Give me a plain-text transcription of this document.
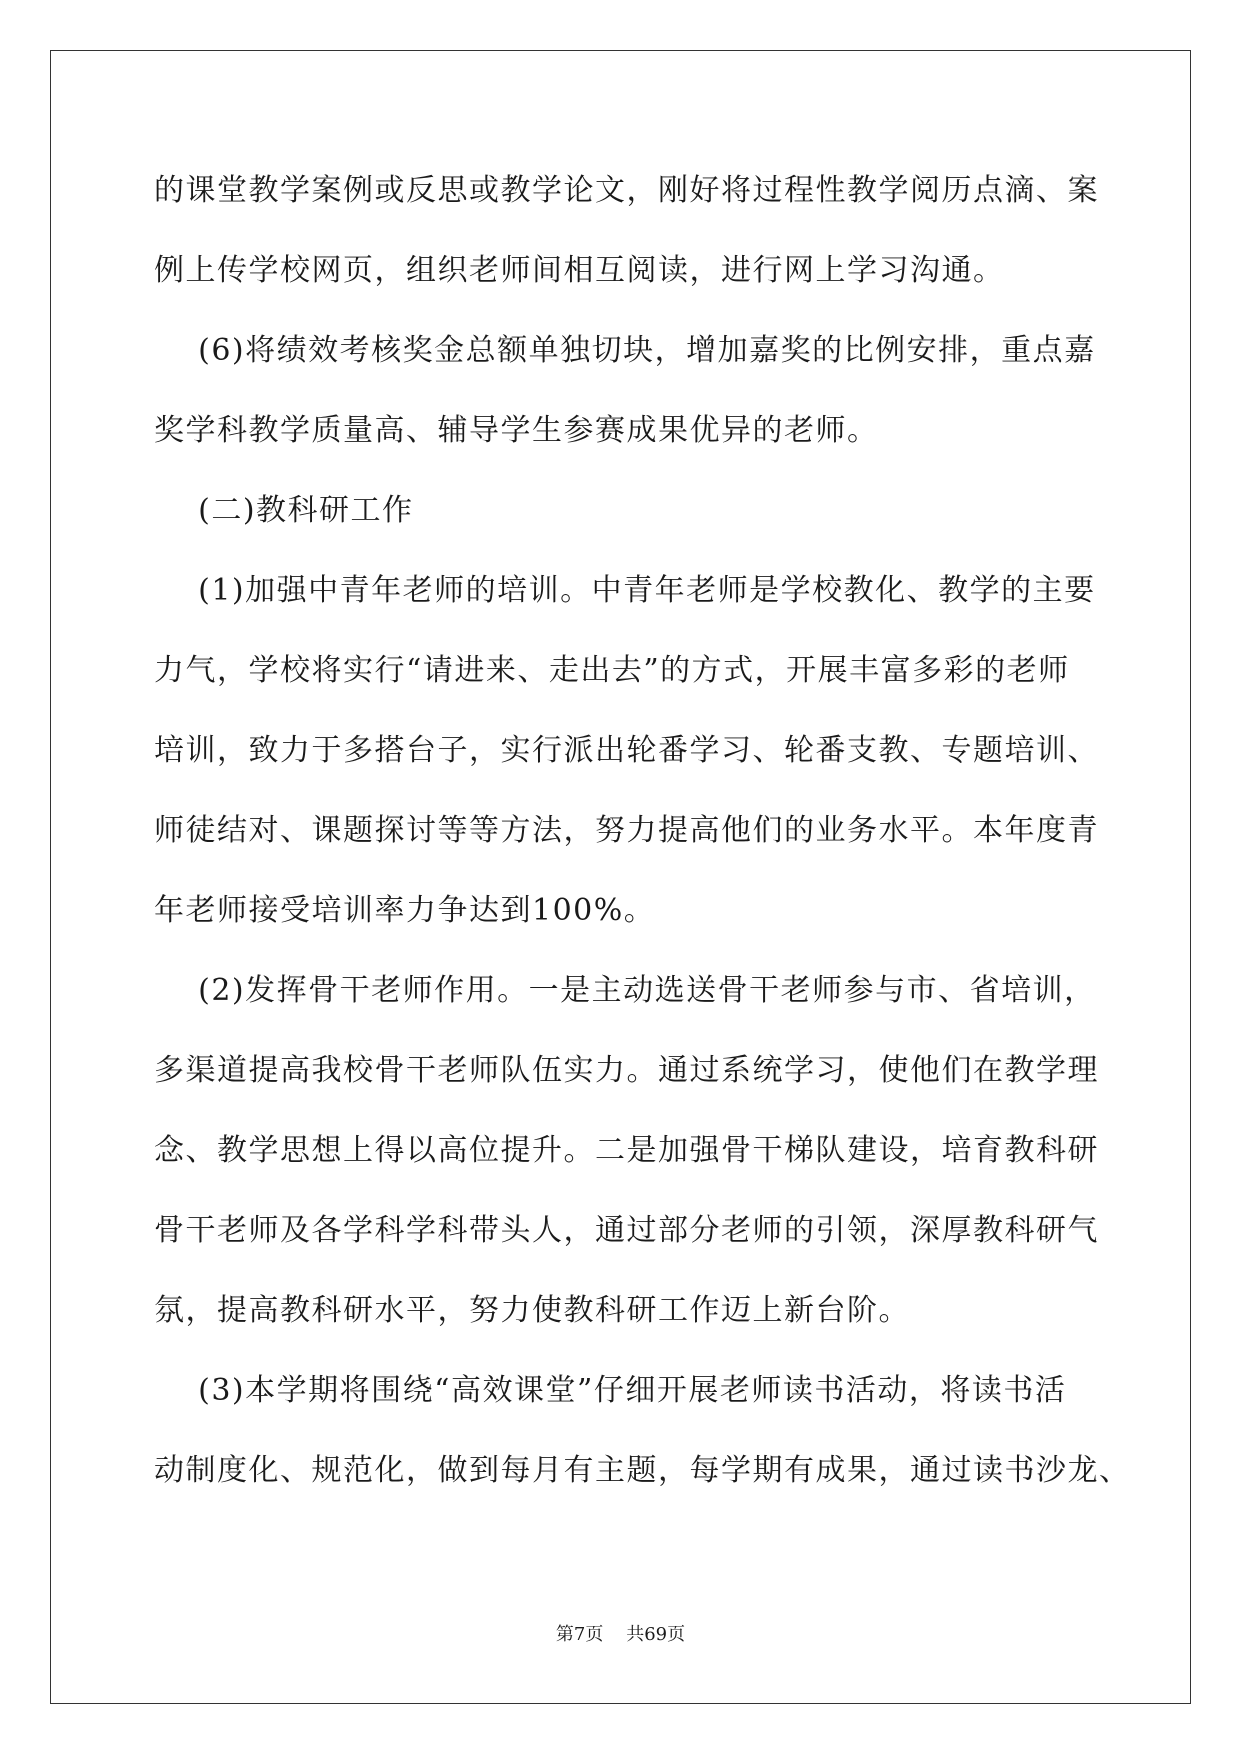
的课堂教学案例或反思或教学论文，刚好将过程性教学阅历点滴、案
例上传学校网页，组织老师间相互阅读，进行网上学习沟通。
(6)将绩效考核奖金总额单独切块，增加嘉奖的比例安排，重点嘉
奖学科教学质量高、辅导学生参赛成果优异的老师。
(二)教科研工作
(1)加强中青年老师的培训。中青年老师是学校教化、教学的主要
力气，学校将实行“请进来、走出去”的方式，开展丰富多彩的老师
培训，致力于多搭台子，实行派出轮番学习、轮番支教、专题培训、
师徒结对、课题探讨等等方法，努力提高他们的业务水平。本年度青
年老师接受培训率力争达到100%。
(2)发挥骨干老师作用。一是主动选送骨干老师参与市、省培训，
多渠道提高我校骨干老师队伍实力。通过系统学习，使他们在教学理
念、教学思想上得以高位提升。二是加强骨干梯队建设，培育教科研
骨干老师及各学科学科带头人，通过部分老师的引领，深厚教科研气
氛，提高教科研水平，努力使教科研工作迈上新台阶。
(3)本学期将围绕“高效课堂”仔细开展老师读书活动，将读书活
动制度化、规范化，做到每月有主题，每学期有成果，通过读书沙龙、
第7页    共69页
